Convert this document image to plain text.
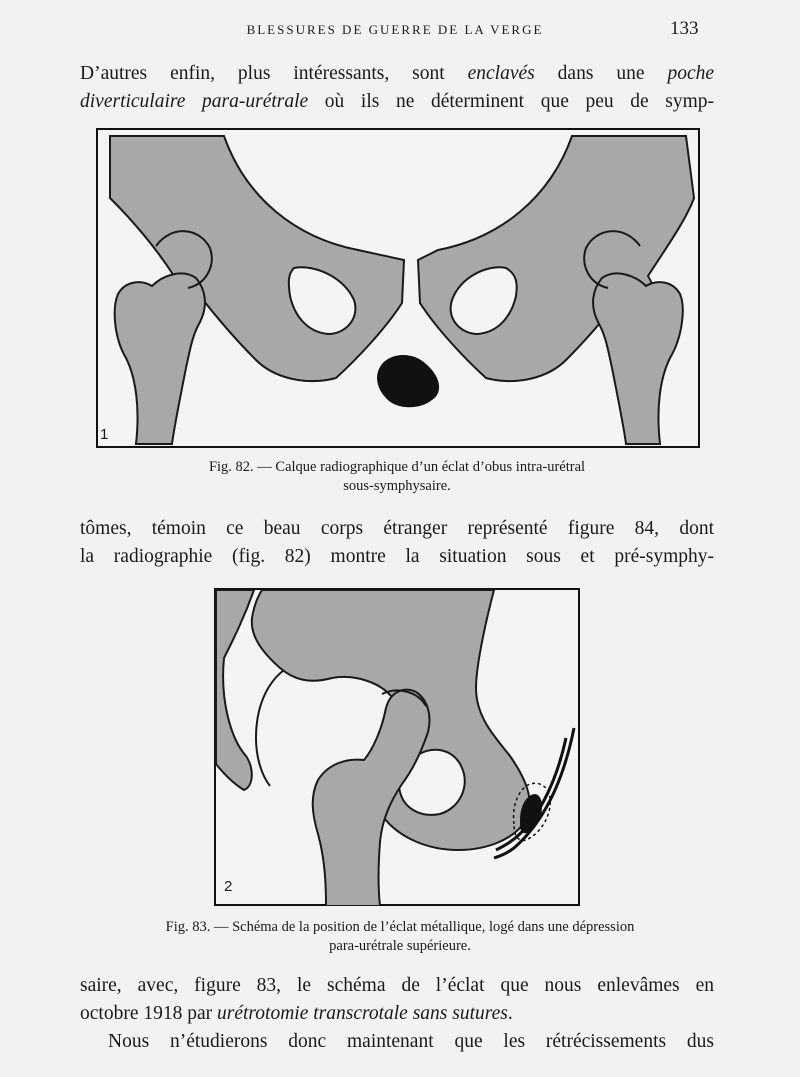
BLESSURES DE GUERRE DE LA VERGE	133
D’autres enfin, plus intéressants, sont enclavés dans une poche
diverticulaire para-urétrale où ils ne déterminent que peu de symp-
1
Fig. 82. — Calque radiographique d’un éclat d’obus intra-urétral
sous-symphysaire.
tômes, témoin ce beau corps étranger représenté figure 84, dont
la radiographie (fig. 82) montre la situation sous et pré-symphy-
2
Fig. 83. — Schéma de la position de l’éclat métallique, logé dans une dépression
para-urétrale supérieure.
saire, avec, figure 83, le schéma de l’éclat que nous enlevâmes en
octobre 1918 par urétrotomie transcrotale sans sutures.
Nous n’étudierons donc maintenant que les rétrécissements dus
